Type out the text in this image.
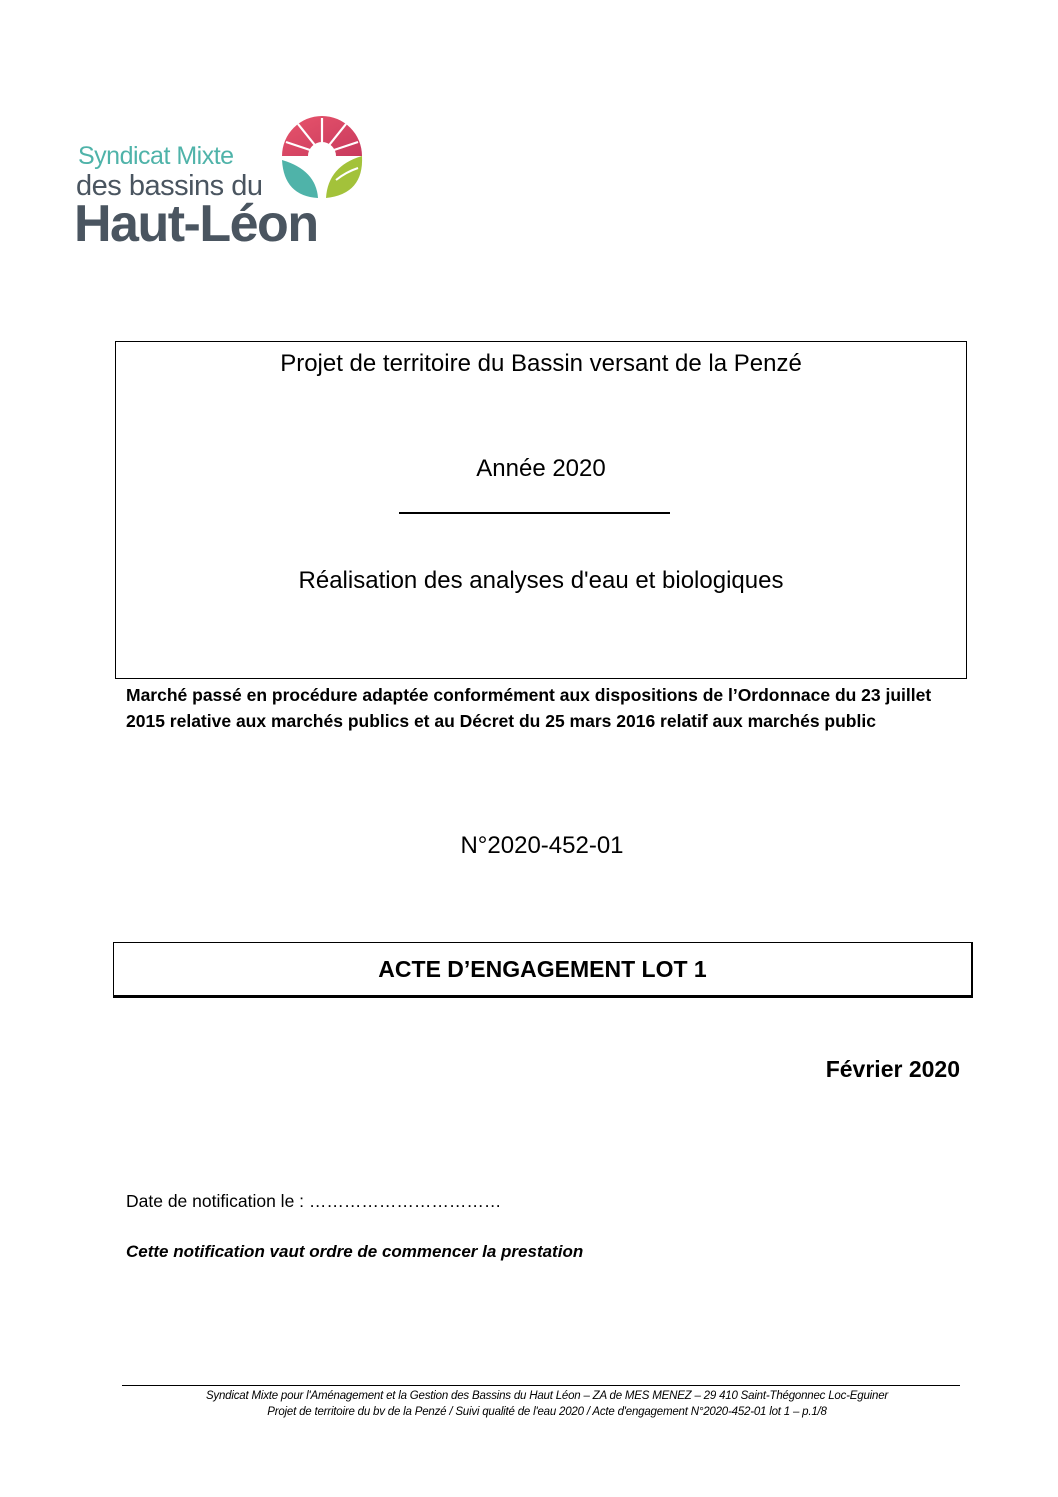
Syndicat Mixte
des bassins du
Haut-Léon
Projet de territoire du Bassin versant de la Penzé
Année 2020
Réalisation des analyses d'eau et biologiques
Marché passé en procédure adaptée conformément aux dispositions de l’Ordonnace du 23 juillet 2015 relative aux marchés publics et au Décret du 25 mars 2016 relatif aux marchés public
N°2020-452-01
ACTE D’ENGAGEMENT LOT 1
Février 2020
Date de notification le : ……………………………
Cette notification vaut ordre de commencer la prestation
Syndicat Mixte pour l'Aménagement et la Gestion des Bassins du Haut Léon – ZA de MES MENEZ – 29 410 Saint-Thégonnec Loc-Eguiner
Projet de territoire du bv de la Penzé / Suivi qualité de l'eau 2020 / Acte d'engagement N°2020-452-01 lot 1 – p.1/8
